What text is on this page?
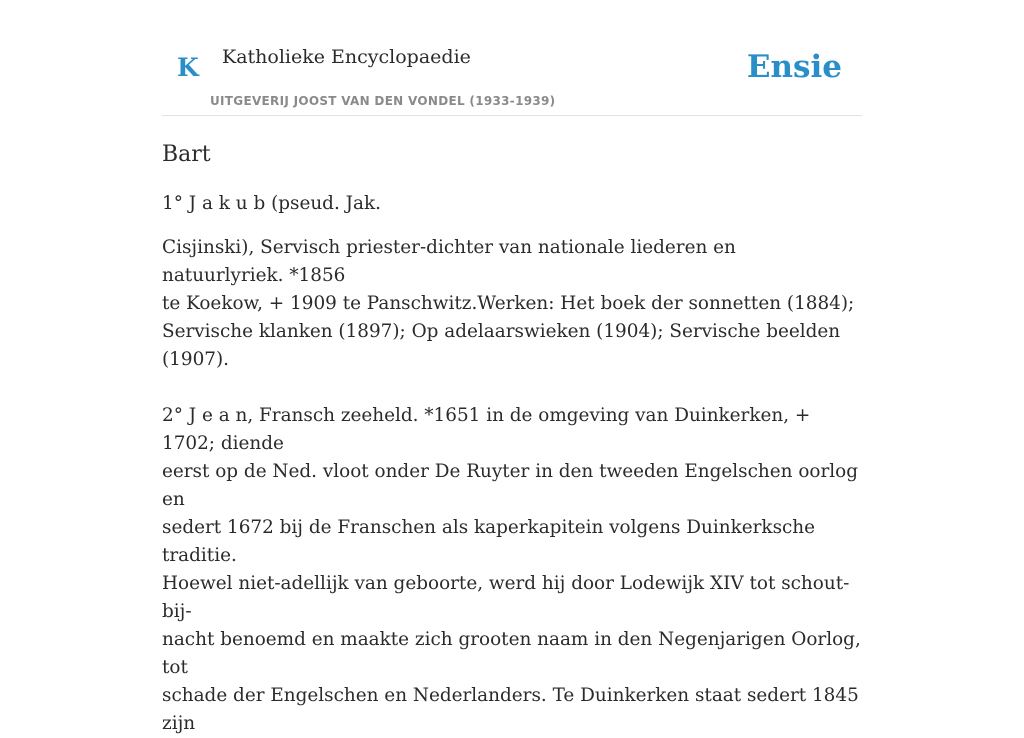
K Katholieke Encyclopaedie
UITGEVERIJ JOOST VAN DEN VONDEL (1933-1939)
Ensie
Bart

1° J a k u b (pseud. Jak.

Cisjinski), Servisch priester-dichter van nationale liederen en natuurlyriek. *1856
te Koekow, + 1909 te Panschwitz.Werken: Het boek der sonnetten (1884);
Servische klanken (1897); Op adelaarswieken (1904); Servische beelden (1907).

2° J e a n, Fransch zeeheld. *1651 in de omgeving van Duinkerken, + 1702; diende
eerst op de Ned. vloot onder De Ruyter in den tweeden Engelschen oorlog en
sedert 1672 bij de Franschen als kaperkapitein volgens Duinkerksche traditie.
Hoewel niet-adellijk van geboorte, werd hij door Lodewijk XIV tot schout-bij-
nacht benoemd en maakte zich grooten naam in den Negenjarigen Oorlog, tot
schade der Engelschen en Nederlanders. Te Duinkerken staat sedert 1845 zijn
